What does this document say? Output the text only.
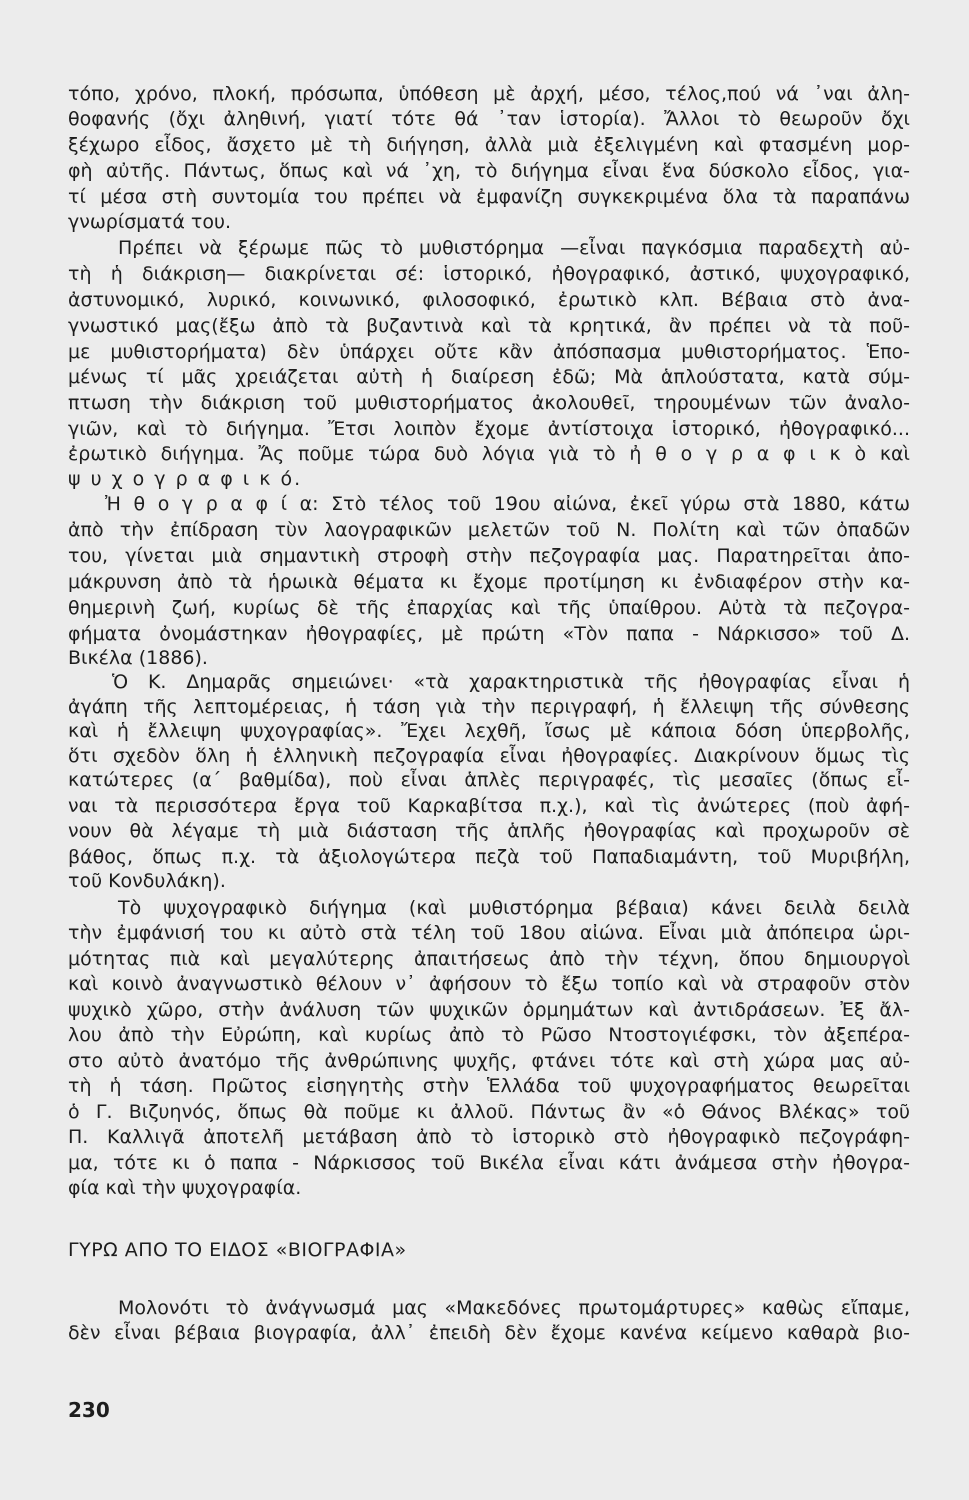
τόπο, χρόνο, πλοκή, πρόσωπα, ὑπόθεση μὲ ἀρχή, μέσο, τέλος,πού νά ᾽ναι ἀλη-
θοφανής (ὄχι ἀληθινή, γιατί τότε θά ᾽ταν ἱστορία). Ἄλλοι τὸ θεωροῦν ὄχι
ξέχωρο εἶδος, ἄσχετο μὲ τὴ διήγηση, ἀλλὰ μιὰ ἐξελιγμένη καὶ φτασμένη μορ-
φὴ αὐτῆς. Πάντως, ὅπως καὶ νά ᾽χη, τὸ διήγημα εἶναι ἕνα δύσκολο εἶδος, για-
τί μέσα στὴ συντομία του πρέπει νὰ ἐμφανίζη συγκεκριμένα ὅλα τὰ παραπάνω
γνωρίσματά του.
Πρέπει νὰ ξέρωμε πῶς τὸ μυθιστόρημα —εἶναι παγκόσμια παραδεχτὴ αὐ-
τὴ ἡ διάκριση— διακρίνεται σέ: ἱστορικό, ἠθογραφικό, ἀστικό, ψυχογραφικό,
ἀστυνομικό, λυρικό, κοινωνικό, φιλοσοφικό, ἐρωτικὸ κλπ. Βέβαια στὸ ἀνα-
γνωστικό μας(ἔξω ἀπὸ τὰ βυζαντινὰ καὶ τὰ κρητικά, ἂν πρέπει νὰ τὰ ποῦ-
με μυθιστορήματα) δὲν ὑπάρχει οὔτε κἂν ἀπόσπασμα μυθιστορήματος. Ἑπο-
μένως τί μᾶς χρειάζεται αὐτὴ ἡ διαίρεση ἐδῶ; Μὰ ἁπλούστατα, κατὰ σύμ-
πτωση τὴν διάκριση τοῦ μυθιστορήματος ἀκολουθεῖ, τηρουμένων τῶν ἀναλο-
γιῶν, καὶ τὸ διήγημα. Ἔτσι λοιπὸν ἔχομε ἀντίστοιχα ἱστορικό, ἠθογραφικό...
ἐρωτικὸ διήγημα. Ἄς ποῦμε τώρα δυὸ λόγια γιὰ τὸ ἠ θ ο γ ρ α φ ι κ ὸ καὶ
ψ υ χ ο γ ρ α φ ι κ ό.
Ἠ θ ο γ ρ α φ ί α: Στὸ τέλος τοῦ 19ου αἰώνα, ἐκεῖ γύρω στὰ 1880, κάτω
ἀπὸ τὴν ἐπίδραση τὺν λαογραφικῶν μελετῶν τοῦ Ν. Πολίτη καὶ τῶν ὀπαδῶν
του, γίνεται μιὰ σημαντικὴ στροφὴ στὴν πεζογραφία μας. Παρατηρεῖται ἀπο-
μάκρυνση ἀπὸ τὰ ἡρωικὰ θέματα κι ἔχομε προτίμηση κι ἐνδιαφέρον στὴν κα-
θημερινὴ ζωή, κυρίως δὲ τῆς ἐπαρχίας καὶ τῆς ὑπαίθρου. Αὐτὰ τὰ πεζογρα-
φήματα ὀνομάστηκαν ἠθογραφίες, μὲ πρώτη «Τὸν παπα - Νάρκισσο» τοῦ Δ.
Βικέλα (1886).
Ὁ Κ. Δημαρᾶς σημειώνει· «τὰ χαρακτηριστικὰ τῆς ἠθογραφίας εἶναι ἡ
ἀγάπη τῆς λεπτομέρειας, ἡ τάση γιὰ τὴν περιγραφή, ἡ ἔλλειψη τῆς σύνθεσης
καὶ ἡ ἔλλειψη ψυχογραφίας». Ἔχει λεχθῆ, ἴσως μὲ κάποια δόση ὑπερβολῆς,
ὅτι σχεδὸν ὅλη ἡ ἑλληνικὴ πεζογραφία εἶναι ἠθογραφίες. Διακρίνουν ὅμως τὶς
κατώτερες (α΄ βαθμίδα), ποὺ εἶναι ἁπλὲς περιγραφές, τὶς μεσαῖες (ὅπως εἶ-
ναι τὰ περισσότερα ἔργα τοῦ Καρκαβίτσα π.χ.), καὶ τὶς ἀνώτερες (ποὺ ἀφή-
νουν θὰ λέγαμε τὴ μιὰ διάσταση τῆς ἁπλῆς ἠθογραφίας καὶ προχωροῦν σὲ
βάθος, ὅπως π.χ. τὰ ἀξιολογώτερα πεζὰ τοῦ Παπαδιαμάντη, τοῦ Μυριβήλη,
τοῦ Κονδυλάκη).
Τὸ ψυχογραφικὸ διήγημα (καὶ μυθιστόρημα βέβαια) κάνει δειλὰ δειλὰ
τὴν ἐμφάνισή του κι αὐτὸ στὰ τέλη τοῦ 18ου αἰώνα. Εἶναι μιὰ ἀπόπειρα ὡρι-
μότητας πιὰ καὶ μεγαλύτερης ἀπαιτήσεως ἀπὸ τὴν τέχνη, ὅπου δημιουργοὶ
καὶ κοινὸ ἀναγνωστικὸ θέλουν ν᾽ ἀφήσουν τὸ ἔξω τοπίο καὶ νὰ στραφοῦν στὸν
ψυχικὸ χῶρο, στὴν ἀνάλυση τῶν ψυχικῶν ὁρμημάτων καὶ ἀντιδράσεων. Ἐξ ἄλ-
λου ἀπὸ τὴν Εὐρώπη, καὶ κυρίως ἀπὸ τὸ Ρῶσο Ντοστογιέφσκι, τὸν ἀξεπέρα-
στο αὐτὸ ἀνατόμο τῆς ἀνθρώπινης ψυχῆς, φτάνει τότε καὶ στὴ χώρα μας αὐ-
τὴ ἡ τάση. Πρῶτος εἰσηγητὴς στὴν Ἑλλάδα τοῦ ψυχογραφήματος θεωρεῖται
ὁ Γ. Βιζυηνός, ὅπως θὰ ποῦμε κι ἀλλοῦ. Πάντως ἂν «ὁ Θάνος Βλέκας» τοῦ
Π. Καλλιγᾶ ἀποτελῆ μετάβαση ἀπὸ τὸ ἱστορικὸ στὸ ἠθογραφικὸ πεζογράφη-
μα, τότε κι ὁ παπα - Νάρκισσος τοῦ Βικέλα εἶναι κάτι ἀνάμεσα στὴν ἠθογρα-
φία καὶ τὴν ψυχογραφία.
ΓΥΡΩ ΑΠΟ ΤΟ ΕΙΔΟΣ «ΒΙΟΓΡΑΦΙΑ»
Μολονότι τὸ ἀνάγνωσμά μας «Μακεδόνες πρωτομάρτυρες» καθὼς εἴπαμε,
δὲν εἶναι βέβαια βιογραφία, ἀλλ᾽ ἐπειδὴ δὲν ἔχομε κανένα κείμενο καθαρὰ βιο-
230
